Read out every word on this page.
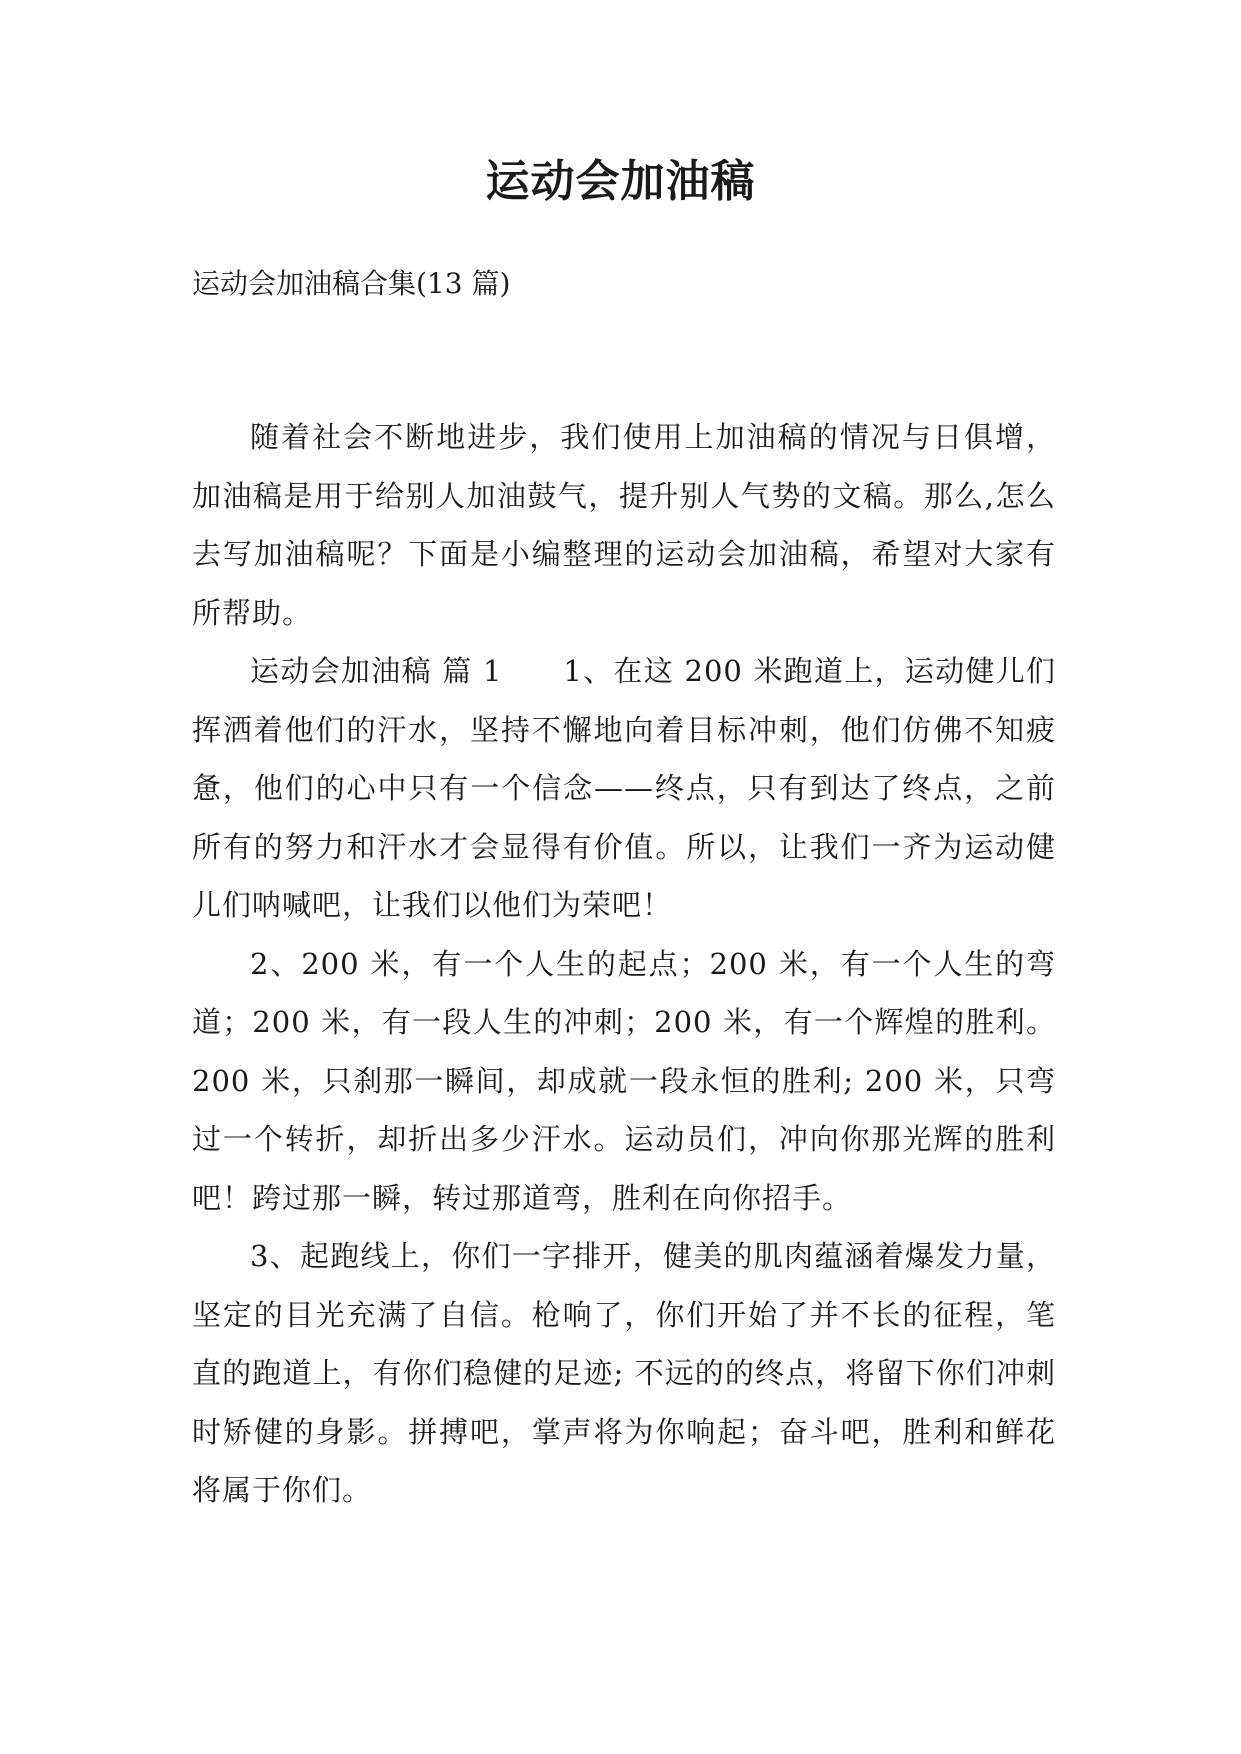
运动会加油稿

运动会加油稿合集(13 篇)

随着社会不断地进步，我们使用上加油稿的情况与日俱增，加油稿是用于给别人加油鼓气，提升别人气势的文稿。那么,怎么去写加油稿呢？下面是小编整理的运动会加油稿，希望对大家有所帮助。

运动会加油稿 篇 1　　1、在这 200 米跑道上，运动健儿们挥洒着他们的汗水，坚持不懈地向着目标冲刺，他们仿佛不知疲惫，他们的心中只有一个信念——终点，只有到达了终点，之前所有的努力和汗水才会显得有价值。所以，让我们一齐为运动健儿们呐喊吧，让我们以他们为荣吧！

2、200 米，有一个人生的起点；200 米，有一个人生的弯道；200 米，有一段人生的冲刺；200 米，有一个辉煌的胜利。200 米，只刹那一瞬间，却成就一段永恒的胜利; 200 米，只弯过一个转折，却折出多少汗水。运动员们，冲向你那光辉的胜利吧！跨过那一瞬，转过那道弯，胜利在向你招手。

3、起跑线上，你们一字排开，健美的肌肉蕴涵着爆发力量，坚定的目光充满了自信。枪响了，你们开始了并不长的征程，笔直的跑道上，有你们稳健的足迹; 不远的的终点，将留下你们冲刺时矫健的身影。拼搏吧，掌声将为你响起；奋斗吧，胜利和鲜花将属于你们。
